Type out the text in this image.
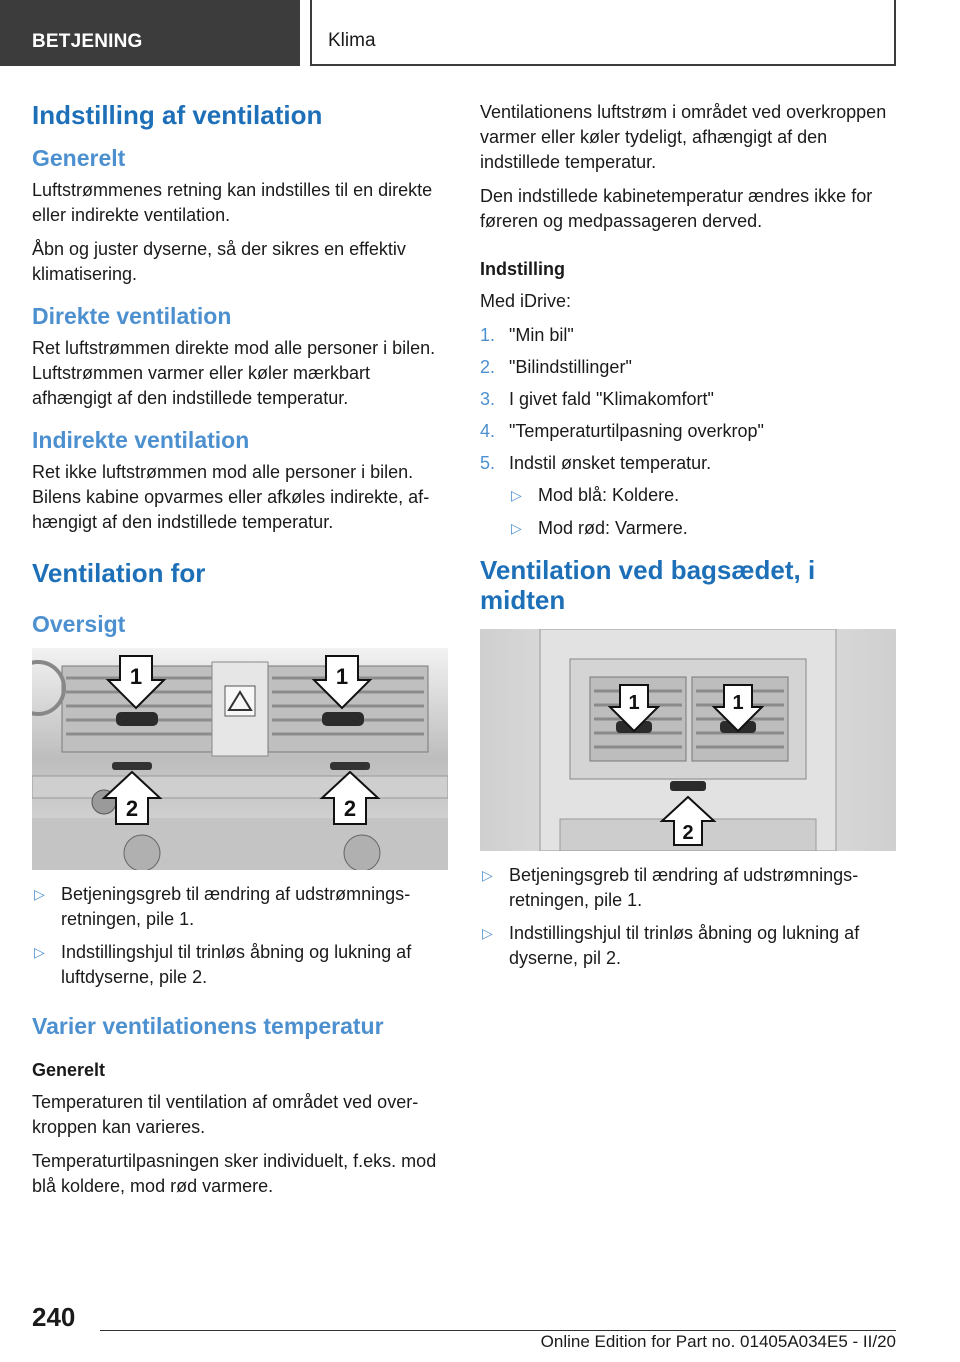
BETJENING	Klima
Indstilling af ventilation
Generelt

Luftstrømmenes retning kan indstilles til en direkte eller indirekte ventilation.

Åbn og juster dyserne, så der sikres en effektiv klimatisering.

Direkte ventilation

Ret luftstrømmen direkte mod alle personer i bilen. Luftstrømmen varmer eller køler mærkbart afhængigt af den indstillede temperatur.

Indirekte ventilation

Ret ikke luftstrømmen mod alle personer i bilen. Bilens kabine opvarmes eller afkøles indirekte, afhængigt af den indstillede temperatur.

Ventilation for
Oversigt
1	1
2	2
▷ Betjeningsgreb til ændring af udstrømningsretningen, pile 1.
▷ Indstillingshjul til trinløs åbning og lukning af luftdyserne, pile 2.
Varier ventilationens temperatur
Generelt

Temperaturen til ventilation af området ved overkroppen kan varieres.

Temperaturtilpasningen sker individuelt, f.eks. mod blå koldere, mod rød varmere.

Ventilationens luftstrøm i området ved overkroppen varmer eller køler tydeligt, afhængigt af den indstillede temperatur.

Den indstillede kabinetemperatur ændres ikke for føreren og medpassageren derved.

Indstilling

Med iDrive:

1. "Min bil"
2. "Bilindstillinger"
3. I givet fald "Klimakomfort"
4. "Temperaturtilpasning overkrop"
5. Indstil ønsket temperatur.
▷ Mod blå: Koldere.
▷ Mod rød: Varmere.
Ventilation ved bagsædet, i midten
1	1
2
▷ Betjeningsgreb til ændring af udstrømningsretningen, pile 1.
▷ Indstillingshjul til trinløs åbning og lukning af dyserne, pil 2.
240
Online Edition for Part no. 01405A034E5 - II/20
